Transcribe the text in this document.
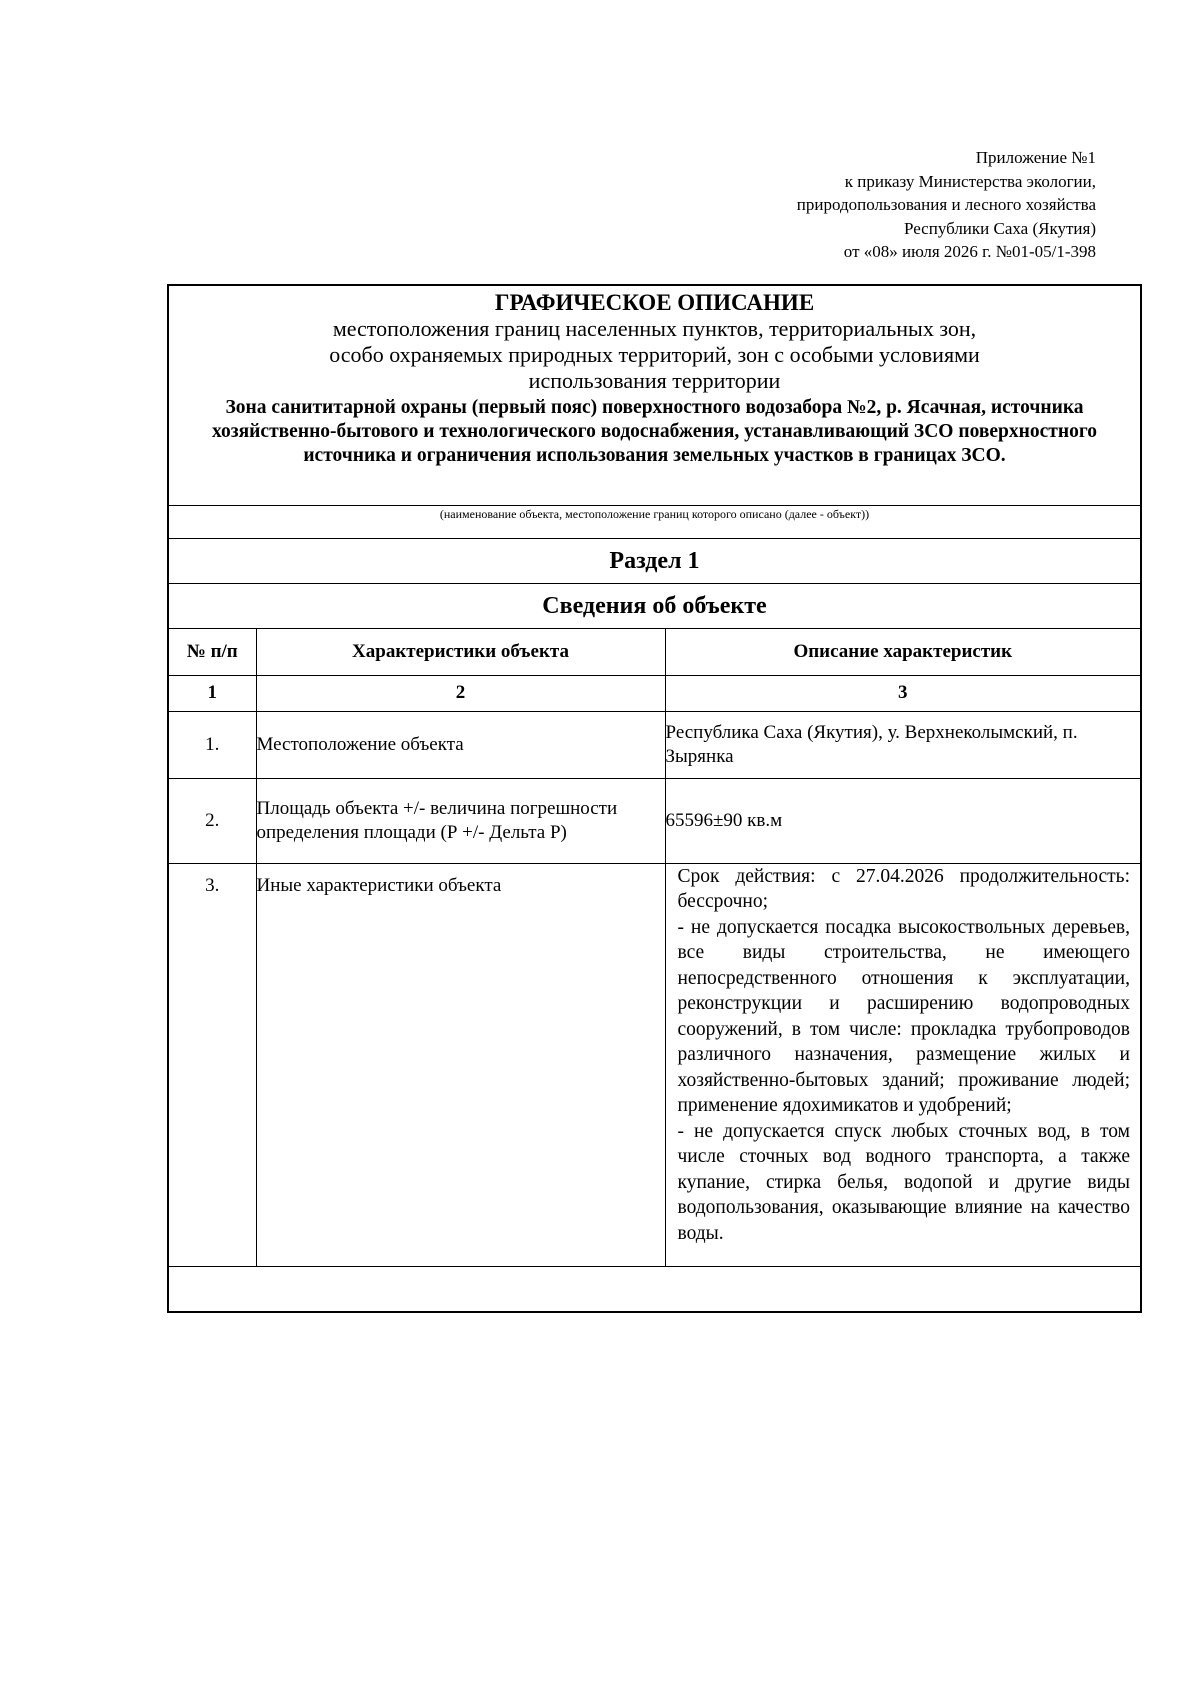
Приложение №1
к приказу Министерства экологии,
природопользования и лесного хозяйства
Республики Саха (Якутия)
от «08» июля 2026 г. №01-05/1-398
ГРАФИЧЕСКОЕ ОПИСАНИЕ
местоположения границ населенных пунктов, территориальных зон,
особо охраняемых природных территорий, зон с особыми условиями
использования территории
Зона санититарной охраны (первый пояс) поверхностного водозабора №2, р. Ясачная, источника хозяйственно-бытового и технологического водоснабжения, устанавливающий ЗСО поверхностного источника и ограничения использования земельных участков в границах ЗСО.
(наименование объекта, местоположение границ которого описано (далее - объект))
Раздел 1
Сведения об объекте
№ п/п	Характеристики объекта	Описание характеристик
1	2	3
1.	Местоположение объекта	Республика Саха (Якутия), у. Верхнеколымский, п. Зырянка
2.	Площадь объекта +/- величина погрешности определения площади (Р +/- Дельта Р)	65596±90 кв.м
3.	Иные характеристики объекта	Срок действия: с 27.04.2026 продолжительность: бессрочно;
- не допускается посадка высокоствольных деревьев, все виды строительства, не имеющего непосредственного отношения к эксплуатации, реконструкции и расширению водопроводных сооружений, в том числе: прокладка трубопроводов различного назначения, размещение жилых и хозяйственно-бытовых зданий; проживание людей; применение ядохимикатов и удобрений;
- не допускается спуск любых сточных вод, в том числе сточных вод водного транспорта, а также купание, стирка белья, водопой и другие виды водопользования, оказывающие влияние на качество воды.
